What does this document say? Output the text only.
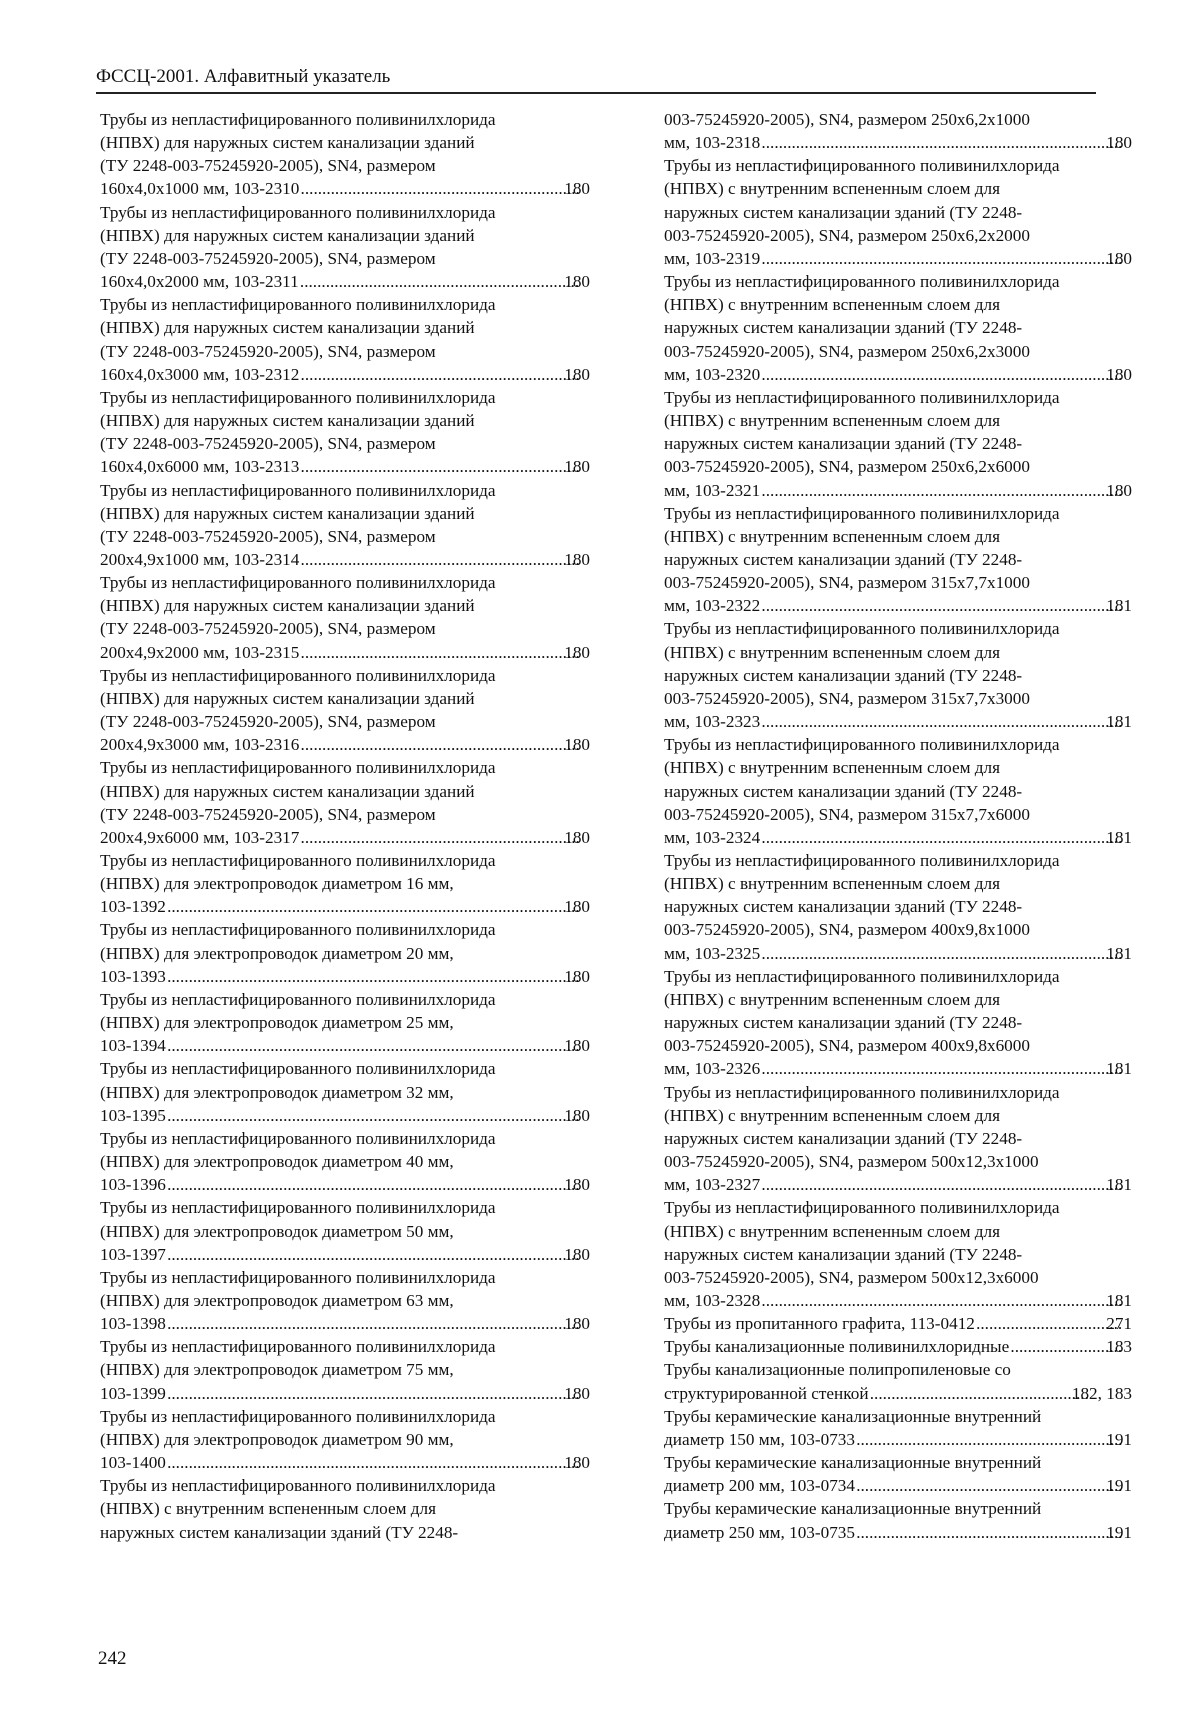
ФССЦ-2001. Алфавитный указатель
Трубы из непластифицированного поливинилхлорида
(НПВХ) для наружных систем канализации зданий
(ТУ 2248-003-75245920-2005), SN4, размером
160x4,0x1000 мм, 103-2310 .....	180
Трубы из непластифицированного поливинилхлорида
(НПВХ) для наружных систем канализации зданий
(ТУ 2248-003-75245920-2005), SN4, размером
160x4,0x2000 мм, 103-2311 .....	180
Трубы из непластифицированного поливинилхлорида
(НПВХ) для наружных систем канализации зданий
(ТУ 2248-003-75245920-2005), SN4, размером
160x4,0x3000 мм, 103-2312 .....	180
Трубы из непластифицированного поливинилхлорида
(НПВХ) для наружных систем канализации зданий
(ТУ 2248-003-75245920-2005), SN4, размером
160x4,0x6000 мм, 103-2313 .....	180
Трубы из непластифицированного поливинилхлорида
(НПВХ) для наружных систем канализации зданий
(ТУ 2248-003-75245920-2005), SN4, размером
200x4,9x1000 мм, 103-2314 .....	180
Трубы из непластифицированного поливинилхлорида
(НПВХ) для наружных систем канализации зданий
(ТУ 2248-003-75245920-2005), SN4, размером
200x4,9x2000 мм, 103-2315 .....	180
Трубы из непластифицированного поливинилхлорида
(НПВХ) для наружных систем канализации зданий
(ТУ 2248-003-75245920-2005), SN4, размером
200x4,9x3000 мм, 103-2316 .....	180
Трубы из непластифицированного поливинилхлорида
(НПВХ) для наружных систем канализации зданий
(ТУ 2248-003-75245920-2005), SN4, размером
200x4,9x6000 мм, 103-2317 .....	180
Трубы из непластифицированного поливинилхлорида
(НПВХ) для электропроводок диаметром 16 мм,
103-1392 .....	180
Трубы из непластифицированного поливинилхлорида
(НПВХ) для электропроводок диаметром 20 мм,
103-1393 .....	180
Трубы из непластифицированного поливинилхлорида
(НПВХ) для электропроводок диаметром 25 мм,
103-1394 .....	180
Трубы из непластифицированного поливинилхлорида
(НПВХ) для электропроводок диаметром 32 мм,
103-1395 .....	180
Трубы из непластифицированного поливинилхлорида
(НПВХ) для электропроводок диаметром 40 мм,
103-1396 .....	180
Трубы из непластифицированного поливинилхлорида
(НПВХ) для электропроводок диаметром 50 мм,
103-1397 .....	180
Трубы из непластифицированного поливинилхлорида
(НПВХ) для электропроводок диаметром 63 мм,
103-1398 .....	180
Трубы из непластифицированного поливинилхлорида
(НПВХ) для электропроводок диаметром 75 мм,
103-1399 .....	180
Трубы из непластифицированного поливинилхлорида
(НПВХ) для электропроводок диаметром 90 мм,
103-1400 .....	180
Трубы из непластифицированного поливинилхлорида
(НПВХ) с внутренним вспененным слоем для
наружных систем канализации зданий (ТУ 2248-
003-75245920-2005), SN4, размером 250x6,2x1000
мм, 103-2318 .....	180
Трубы из непластифицированного поливинилхлорида
(НПВХ) с внутренним вспененным слоем для
наружных систем канализации зданий (ТУ 2248-
003-75245920-2005), SN4, размером 250x6,2x2000
мм, 103-2319 .....	180
Трубы из непластифицированного поливинилхлорида
(НПВХ) с внутренним вспененным слоем для
наружных систем канализации зданий (ТУ 2248-
003-75245920-2005), SN4, размером 250x6,2x3000
мм, 103-2320 .....	180
Трубы из непластифицированного поливинилхлорида
(НПВХ) с внутренним вспененным слоем для
наружных систем канализации зданий (ТУ 2248-
003-75245920-2005), SN4, размером 250x6,2x6000
мм, 103-2321 .....	180
Трубы из непластифицированного поливинилхлорида
(НПВХ) с внутренним вспененным слоем для
наружных систем канализации зданий (ТУ 2248-
003-75245920-2005), SN4, размером 315x7,7x1000
мм, 103-2322 .....	181
Трубы из непластифицированного поливинилхлорида
(НПВХ) с внутренним вспененным слоем для
наружных систем канализации зданий (ТУ 2248-
003-75245920-2005), SN4, размером 315x7,7x3000
мм, 103-2323 .....	181
Трубы из непластифицированного поливинилхлорида
(НПВХ) с внутренним вспененным слоем для
наружных систем канализации зданий (ТУ 2248-
003-75245920-2005), SN4, размером 315x7,7x6000
мм, 103-2324 .....	181
Трубы из непластифицированного поливинилхлорида
(НПВХ) с внутренним вспененным слоем для
наружных систем канализации зданий (ТУ 2248-
003-75245920-2005), SN4, размером 400x9,8x1000
мм, 103-2325 .....	181
Трубы из непластифицированного поливинилхлорида
(НПВХ) с внутренним вспененным слоем для
наружных систем канализации зданий (ТУ 2248-
003-75245920-2005), SN4, размером 400x9,8x6000
мм, 103-2326 .....	181
Трубы из непластифицированного поливинилхлорида
(НПВХ) с внутренним вспененным слоем для
наружных систем канализации зданий (ТУ 2248-
003-75245920-2005), SN4, размером 500x12,3x1000
мм, 103-2327 .....	181
Трубы из непластифицированного поливинилхлорида
(НПВХ) с внутренним вспененным слоем для
наружных систем канализации зданий (ТУ 2248-
003-75245920-2005), SN4, размером 500x12,3x6000
мм, 103-2328 .....	181
Трубы из пропитанного графита, 113-0412 .....	271
Трубы канализационные поливинилхлоридные .....	183
Трубы канализационные полипропиленовые со
структурированной стенкой .....	182, 183
Трубы керамические канализационные внутренний
диаметр 150 мм, 103-0733 .....	191
Трубы керамические канализационные внутренний
диаметр 200 мм, 103-0734 .....	191
Трубы керамические канализационные внутренний
диаметр 250 мм, 103-0735 .....	191
242
